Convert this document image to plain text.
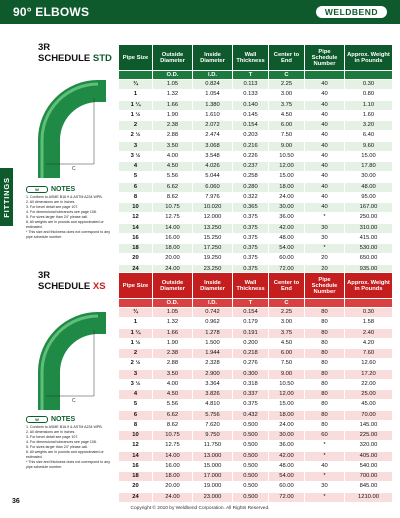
90° ELBOWS	WELDBEND
FITTINGS
3R
SCHEDULE STD
C
W	NOTES
1. Conform to ASME B16.9 & ASTM A234 WPB.
2. All dimensions are in inches.
3. For bevel detail see page 107.
4. For dimensional tolerances see page 108.
5. For sizes larger than 24" please call.
6. All weights are in pounds and approximated or estimated.
* This size and thickness does not correspond to any pipe schedule number.
Pipe Size	Outside Diameter	Inside Diameter	Wall Thickness	Center to End	Pipe Schedule Number	Approx. Weight in Pounds
	O.D.	I.D.	T	C		
¾	1.05	0.824	0.113	2.25	40	0.30
1	1.32	1.054	0.133	3.00	40	0.80
1 ¼	1.66	1.380	0.140	3.75	40	1.10
1 ½	1.90	1.610	0.145	4.50	40	1.60
2	2.38	2.072	0.154	6.00	40	3.20
2 ½	2.88	2.474	0.203	7.50	40	6.40
3	3.50	3.068	0.216	9.00	40	9.60
3 ½	4.00	3.548	0.226	10.50	40	15.00
4	4.50	4.026	0.237	12.00	40	17.80
5	5.56	5.044	0.258	15.00	40	30.00
6	6.62	6.060	0.280	18.00	40	48.00
8	8.62	7.976	0.322	24.00	40	95.00
10	10.75	10.020	0.365	30.00	40	167.00
12	12.75	12.000	0.375	36.00	*	250.00
14	14.00	13.250	0.375	42.00	30	310.00
16	16.00	15.250	0.375	48.00	30	415.00
18	18.00	17.250	0.375	54.00	*	530.00
20	20.00	19.250	0.375	60.00	20	650.00
24	24.00	23.250	0.375	72.00	20	935.00
3R
SCHEDULE XS
C
W	NOTES
1. Conform to ASME B16.9 & ASTM A234 WPB.
2. All dimensions are in inches.
3. For bevel detail see page 107.
4. For dimensional tolerances see page 108.
5. For sizes larger than 24" please call.
6. All weights are in pounds and approximated or estimated.
* This size and thickness does not correspond to any pipe schedule number.
Pipe Size	Outside Diameter	Inside Diameter	Wall Thickness	Center to End	Pipe Schedule Number	Approx. Weight in Pounds
	O.D.	I.D.	T	C		
¾	1.05	0.742	0.154	2.25	80	0.30
1	1.32	0.962	0.179	3.00	80	1.58
1 ¼	1.66	1.278	0.191	3.75	80	2.40
1 ½	1.90	1.500	0.200	4.50	80	4.20
2	2.38	1.944	0.218	6.00	80	7.60
2 ½	2.88	2.328	0.276	7.50	80	12.60
3	3.50	2.900	0.300	9.00	80	17.20
3 ½	4.00	3.364	0.318	10.50	80	22.00
4	4.50	3.826	0.337	12.00	80	25.00
5	5.56	4.810	0.375	15.00	80	45.00
6	6.62	5.756	0.432	18.00	80	70.00
8	8.62	7.620	0.500	24.00	80	145.00
10	10.75	9.750	0.500	30.00	60	225.00
12	12.75	11.750	0.500	36.00	*	320.00
14	14.00	13.000	0.500	42.00	*	405.00
16	16.00	15.000	0.500	48.00	40	540.00
18	18.00	17.000	0.500	54.00	*	700.00
20	20.00	19.000	0.500	60.00	30	845.00
24	24.00	23.000	0.500	72.00	*	1210.00
36
Copyright © 2010 by Weldbend Corporation. All Rights Reserved.
